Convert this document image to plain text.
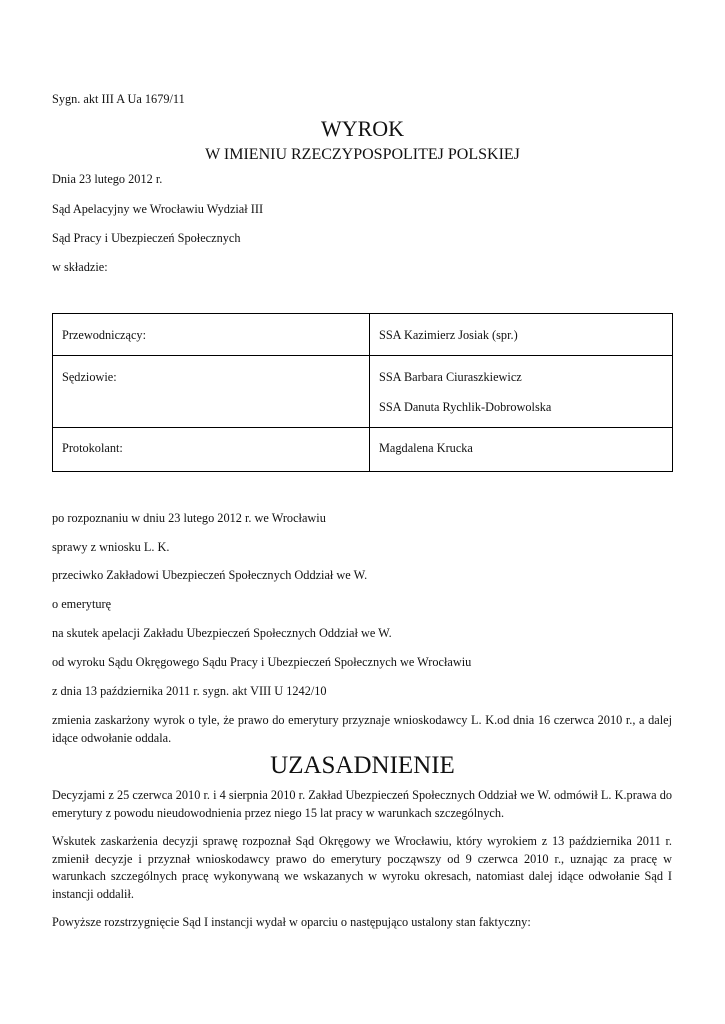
Sygn. akt III A Ua 1679/11
WYROK
W IMIENIU RZECZYPOSPOLITEJ POLSKIEJ
Dnia 23 lutego 2012 r.
Sąd Apelacyjny we Wrocławiu Wydział III
Sąd Pracy i Ubezpieczeń Społecznych
w składzie:
Przewodniczący:	SSA Kazimierz Josiak (spr.)

Sędziowie:	SSA Barbara Ciuraszkiewicz
SSA Danuta Rychlik-Dobrowolska

Protokolant:	Magdalena Krucka
po rozpoznaniu w dniu 23 lutego 2012 r. we Wrocławiu
sprawy z wniosku L. K.
przeciwko Zakładowi Ubezpieczeń Społecznych Oddział we W.
o emeryturę
na skutek apelacji Zakładu Ubezpieczeń Społecznych Oddział we W.
od wyroku Sądu Okręgowego Sądu Pracy i Ubezpieczeń Społecznych we Wrocławiu
z dnia 13 października 2011 r. sygn. akt VIII U 1242/10
zmienia zaskarżony wyrok o tyle, że prawo do emerytury przyznaje wnioskodawcy L. K.od dnia 16 czerwca 2010 r., a dalej idące odwołanie oddala.
UZASADNIENIE
Decyzjami z 25 czerwca 2010 r. i 4 sierpnia 2010 r. Zakład Ubezpieczeń Społecznych Oddział we W. odmówił L. K.prawa do emerytury z powodu nieudowodnienia przez niego 15 lat pracy w warunkach szczególnych.
Wskutek zaskarżenia decyzji sprawę rozpoznał Sąd Okręgowy we Wrocławiu, który wyrokiem z 13 października 2011 r. zmienił decyzje i przyznał wnioskodawcy prawo do emerytury począwszy od 9 czerwca 2010 r., uznając za pracę w warunkach szczególnych pracę wykonywaną we wskazanych w wyroku okresach, natomiast dalej idące odwołanie Sąd I instancji oddalił.
Powyższe rozstrzygnięcie Sąd I instancji wydał w oparciu o następująco ustalony stan faktyczny:
